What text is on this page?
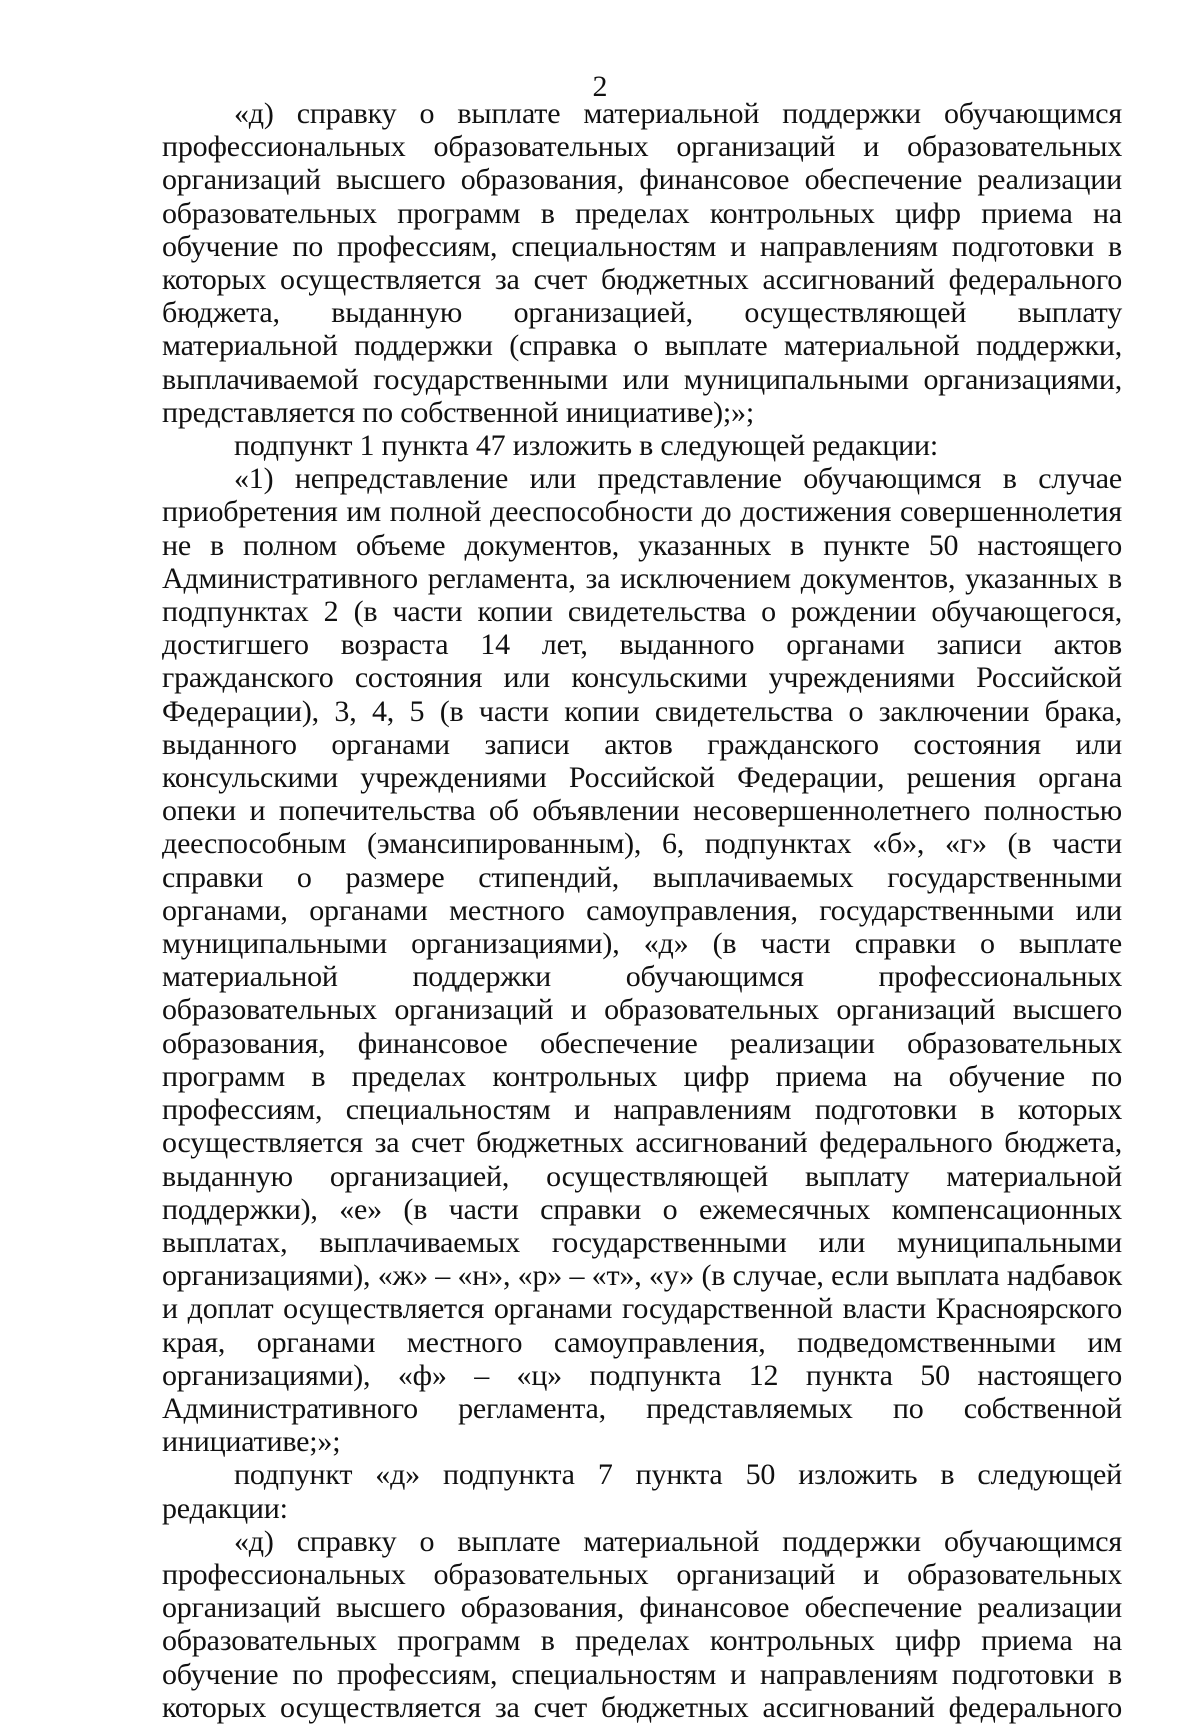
2

«д) справку о выплате материальной поддержки обучающимся профессиональных образовательных организаций и образовательных организаций высшего образования, финансовое обеспечение реализации образовательных программ в пределах контрольных цифр приема на обучение по профессиям, специальностям и направлениям подготовки в которых осуществляется за счет бюджетных ассигнований федерального бюджета, выданную организацией, осуществляющей выплату материальной поддержки (справка о выплате материальной поддержки, выплачиваемой государственными или муниципальными организациями, представляется по собственной инициативе);»;

подпункт 1 пункта 47 изложить в следующей редакции:

«1) непредставление или представление обучающимся в случае приобретения им полной дееспособности до достижения совершеннолетия не в полном объеме документов, указанных в пункте 50 настоящего Административного регламента, за исключением документов, указанных в подпунктах 2 (в части копии свидетельства о рождении обучающегося, достигшего возраста 14 лет, выданного органами записи актов гражданского состояния или консульскими учреждениями Российской Федерации), 3, 4, 5 (в части копии свидетельства о заключении брака, выданного органами записи актов гражданского состояния или консульскими учреждениями Российской Федерации, решения органа опеки и попечительства об объявлении несовершеннолетнего полностью дееспособным (эмансипированным), 6, подпунктах «б», «г» (в части справки о размере стипендий, выплачиваемых государственными органами, органами местного самоуправления, государственными или муниципальными организациями), «д» (в части справки о выплате материальной поддержки обучающимся профессиональных образовательных организаций и образовательных организаций высшего образования, финансовое обеспечение реализации образовательных программ в пределах контрольных цифр приема на обучение по профессиям, специальностям и направлениям подготовки в которых осуществляется за счет бюджетных ассигнований федерального бюджета, выданную организацией, осуществляющей выплату материальной поддержки), «е» (в части справки о ежемесячных компенсационных выплатах, выплачиваемых государственными или муниципальными организациями), «ж» – «н», «р» – «т», «у» (в случае, если выплата надбавок и доплат осуществляется органами государственной власти Красноярского края, органами местного самоуправления, подведомственными им организациями), «ф» – «ц» подпункта 12 пункта 50 настоящего Административного регламента, представляемых по собственной инициативе;»;

подпункт «д» подпункта 7 пункта 50 изложить в следующей редакции:

«д) справку о выплате материальной поддержки обучающимся профессиональных образовательных организаций и образовательных организаций высшего образования, финансовое обеспечение реализации образовательных программ в пределах контрольных цифр приема на обучение по профессиям, специальностям и направлениям подготовки в которых осуществляется за счет бюджетных ассигнований федерального
